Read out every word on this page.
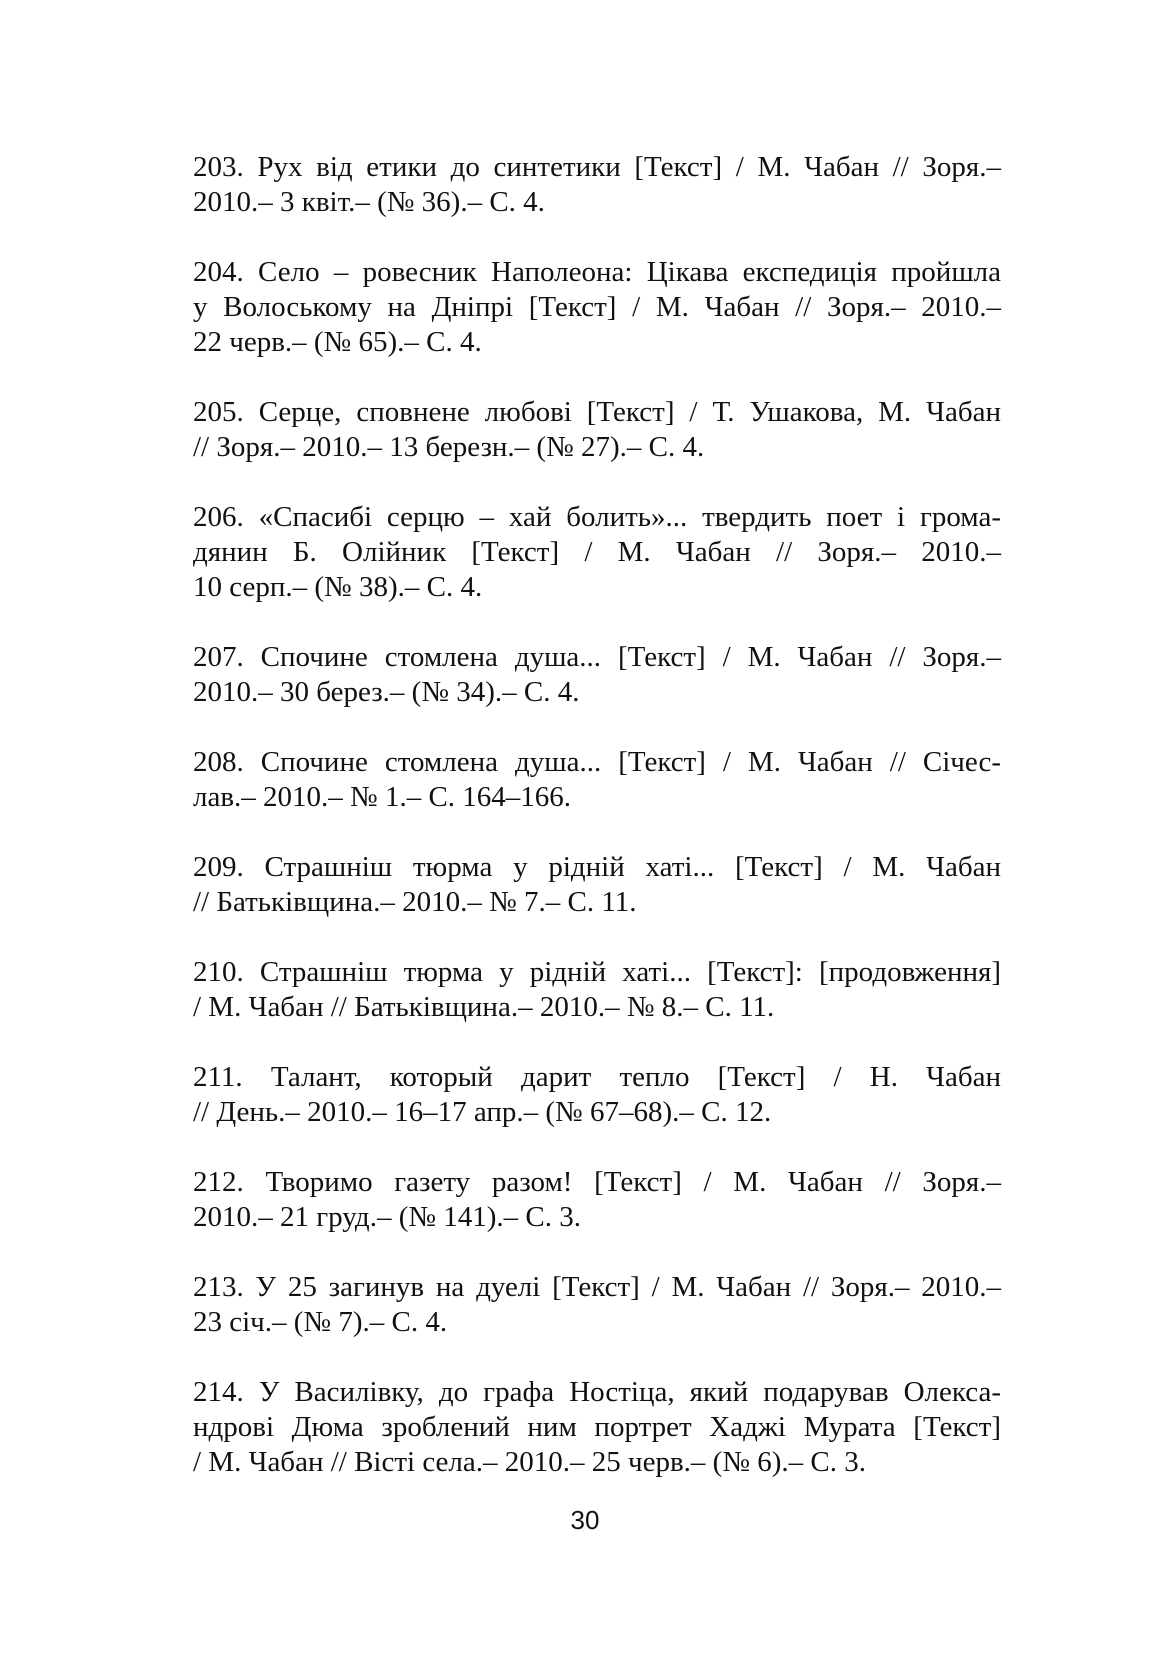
203. Рух від етики до синтетики [Текст] / М. Чабан // Зоря.–
2010.– 3 квіт.– (№ 36).– С. 4.

204. Село – ровесник Наполеона: Цікава експедиція пройшла
у Волоському на Дніпрі [Текст] / М. Чабан // Зоря.– 2010.–
22 черв.– (№ 65).– С. 4.

205. Серце, сповнене любові [Текст] / Т. Ушакова, М. Чабан
// Зоря.– 2010.– 13 березн.– (№ 27).– С. 4.

206. «Спасибі серцю – хай болить»... твердить поет і грома-
дянин Б. Олійник [Текст] / М. Чабан // Зоря.– 2010.–
10 серп.– (№ 38).– С. 4.

207. Спочине стомлена душа... [Текст] / М. Чабан // Зоря.–
2010.– 30 берез.– (№ 34).– С. 4.

208. Спочине стомлена душа... [Текст] / М. Чабан // Січес-
лав.– 2010.– № 1.– С. 164–166.

209. Страшніш тюрма у рідній хаті... [Текст] / М. Чабан
// Батьківщина.– 2010.– № 7.– С. 11.

210. Страшніш тюрма у рідній хаті... [Текст]: [продовження]
/ М. Чабан // Батьківщина.– 2010.– № 8.– С. 11.

211. Талант, который дарит тепло [Текст] / Н. Чабан
// День.– 2010.– 16–17 апр.– (№ 67–68).– С. 12.

212. Творимо газету разом! [Текст] / М. Чабан // Зоря.–
2010.– 21 груд.– (№ 141).– С. 3.

213. У 25 загинув на дуелі [Текст] / М. Чабан // Зоря.– 2010.–
23 січ.– (№ 7).– С. 4.

214. У Василівку, до графа Ностіца, який подарував Олекса-
ндрові Дюма зроблений ним портрет Хаджі Мурата [Текст]
/ М. Чабан // Вісті села.– 2010.– 25 черв.– (№ 6).– С. 3.

30
